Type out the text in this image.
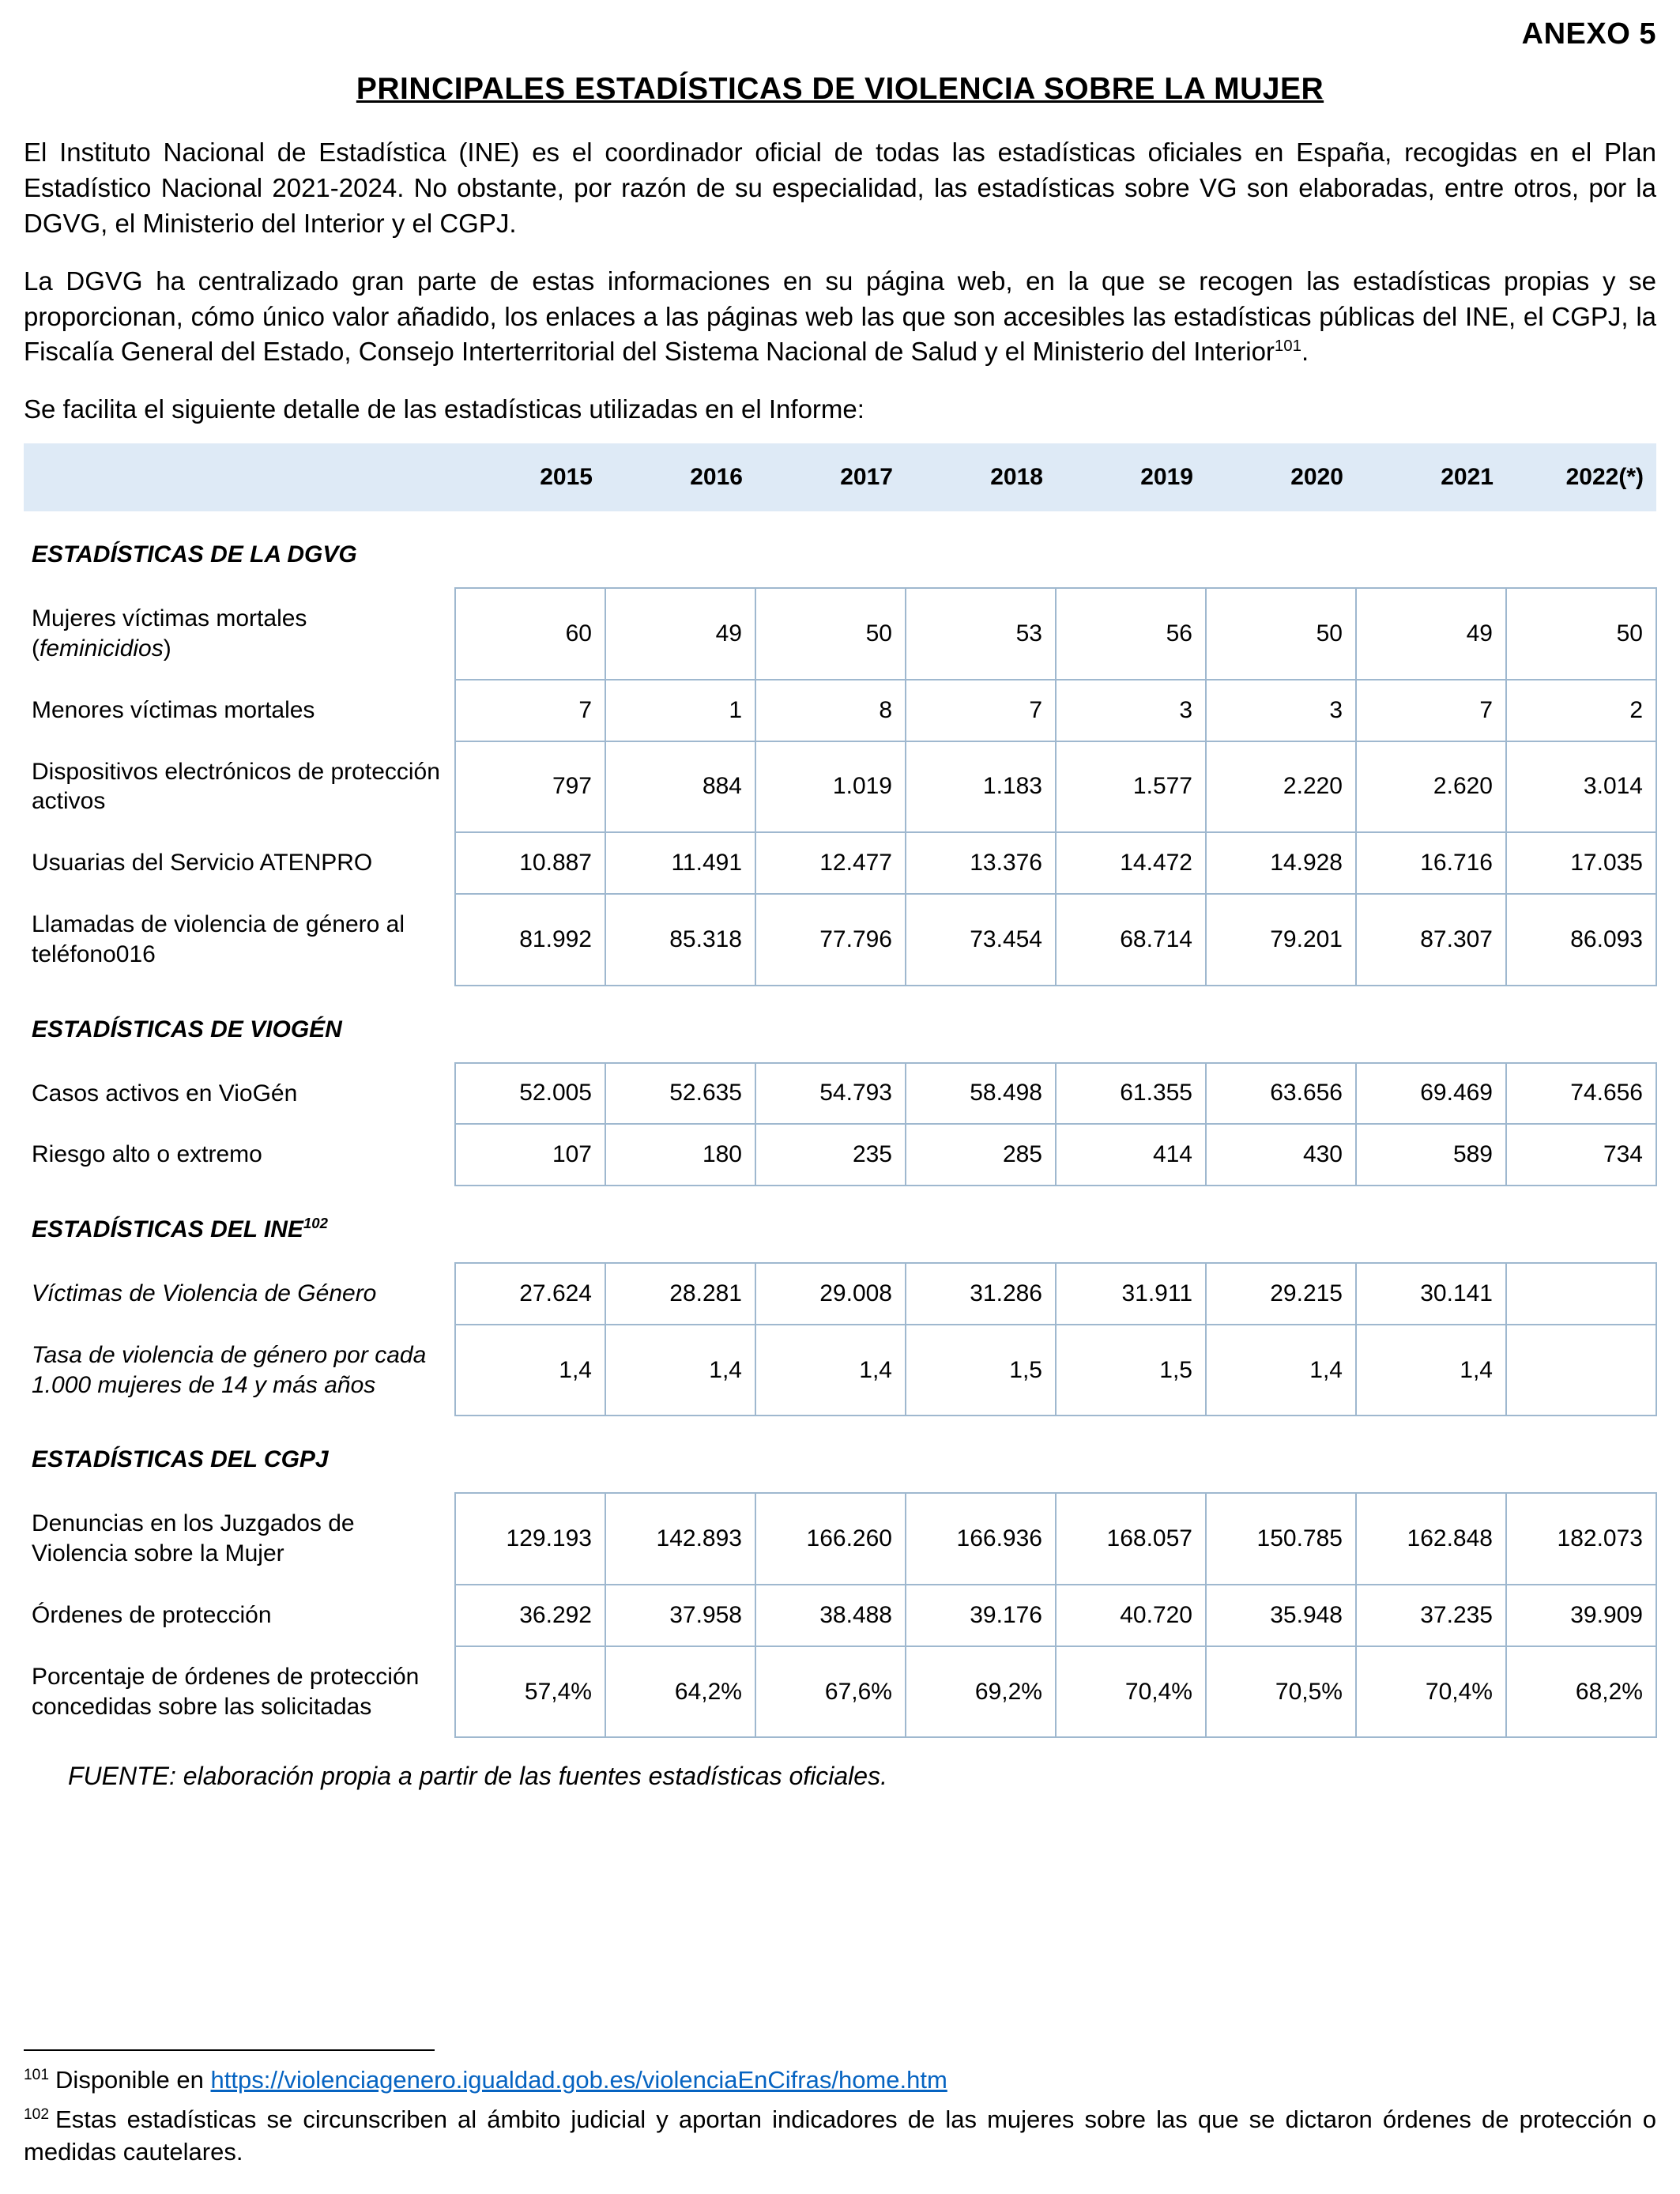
ANEXO 5
PRINCIPALES ESTADÍSTICAS DE VIOLENCIA SOBRE LA MUJER

El Instituto Nacional de Estadística (INE) es el coordinador oficial de todas las estadísticas oficiales en España, recogidas en el Plan Estadístico Nacional 2021-2024. No obstante, por razón de su especialidad, las estadísticas sobre VG son elaboradas, entre otros, por la DGVG, el Ministerio del Interior y el CGPJ.

La DGVG ha centralizado gran parte de estas informaciones en su página web, en la que se recogen las estadísticas propias y se proporcionan, cómo único valor añadido, los enlaces a las páginas web las que son accesibles las estadísticas públicas del INE, el CGPJ, la Fiscalía General del Estado, Consejo Interterritorial del Sistema Nacional de Salud y el Ministerio del Interior$^{101}$.

Se facilita el siguiente detalle de las estadísticas utilizadas en el Informe:

	2015	2016	2017	2018	2019	2020	2021	2022(*)
ESTADÍSTICAS DE LA DGVG								
Mujeres víctimas mortales (feminicidios)	60	49	50	53	56	50	49	50
Menores víctimas mortales	7	1	8	7	3	3	7	2
Dispositivos electrónicos de protección activos	797	884	1.019	1.183	1.577	2.220	2.620	3.014
Usuarias del Servicio ATENPRO	10.887	11.491	12.477	13.376	14.472	14.928	16.716	17.035
Llamadas de violencia de género al teléfono016	81.992	85.318	77.796	73.454	68.714	79.201	87.307	86.093
ESTADÍSTICAS DE VIOGÉN								
Casos activos en VioGén	52.005	52.635	54.793	58.498	61.355	63.656	69.469	74.656
Riesgo alto o extremo	107	180	235	285	414	430	589	734
ESTADÍSTICAS DEL INE$^{102}$
Víctimas de Violencia de Género	27.624	28.281	29.008	31.286	31.911	29.215	30.141	
Tasa de violencia de género por cada 1.000 mujeres de 14 y más años	1,4	1,4	1,4	1,5	1,5	1,4	1,4	
ESTADÍSTICAS DEL CGPJ								
Denuncias en los Juzgados de Violencia sobre la Mujer	129.193	142.893	166.260	166.936	168.057	150.785	162.848	182.073
Órdenes de protección	36.292	37.958	38.488	39.176	40.720	35.948	37.235	39.909
Porcentaje de órdenes de protección concedidas sobre las solicitadas	57,4%	64,2%	67,6%	69,2%	70,4%	70,5%	70,4%	68,2%
FUENTE: elaboración propia a partir de las fuentes estadísticas oficiales.

$^{101}$ Disponible en https://violenciagenero.igualdad.gob.es/violenciaEnCifras/home.htm

$^{102}$ Estas estadísticas se circunscriben al ámbito judicial y aportan indicadores de las mujeres sobre las que se dictaron órdenes de protección o medidas cautelares.
